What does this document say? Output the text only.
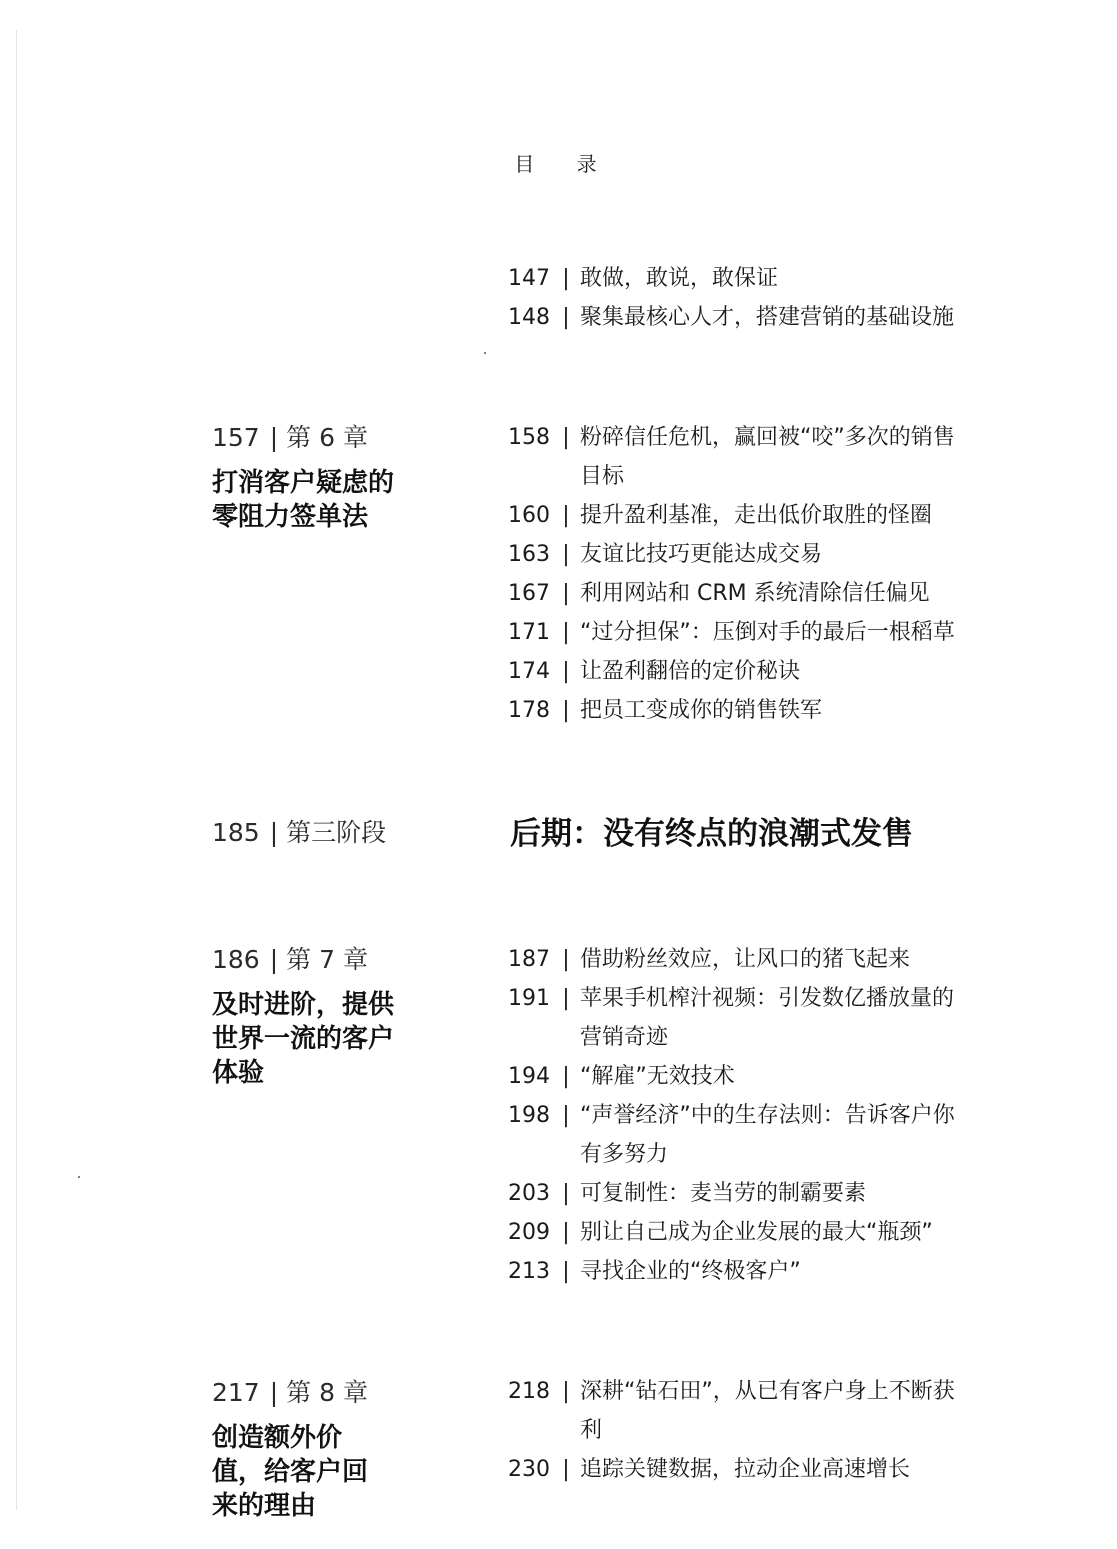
目 录
147 | 敢做，敢说，敢保证
148 | 聚集最核心人才，搭建营销的基础设施
157 | 第 6 章
打消客户疑虑的零阻力签单法
158 | 粉碎信任危机，赢回被“咬”多次的销售目标
160 | 提升盈利基准，走出低价取胜的怪圈
163 | 友谊比技巧更能达成交易
167 | 利用网站和 CRM 系统清除信任偏见
171 | “过分担保”：压倒对手的最后一根稻草
174 | 让盈利翻倍的定价秘诀
178 | 把员工变成你的销售铁军
185 | 第三阶段	后期：没有终点的浪潮式发售
186 | 第 7 章
及时进阶，提供世界一流的客户体验
187 | 借助粉丝效应，让风口的猪飞起来
191 | 苹果手机榨汁视频：引发数亿播放量的营销奇迹
194 | “解雇”无效技术
198 | “声誉经济”中的生存法则：告诉客户你有多努力
203 | 可复制性：麦当劳的制霸要素
209 | 别让自己成为企业发展的最大“瓶颈”
213 | 寻找企业的“终极客户”
217 | 第 8 章
创造额外价值，给客户回来的理由
218 | 深耕“钻石田”，从已有客户身上不断获利
230 | 追踪关键数据，拉动企业高速增长
